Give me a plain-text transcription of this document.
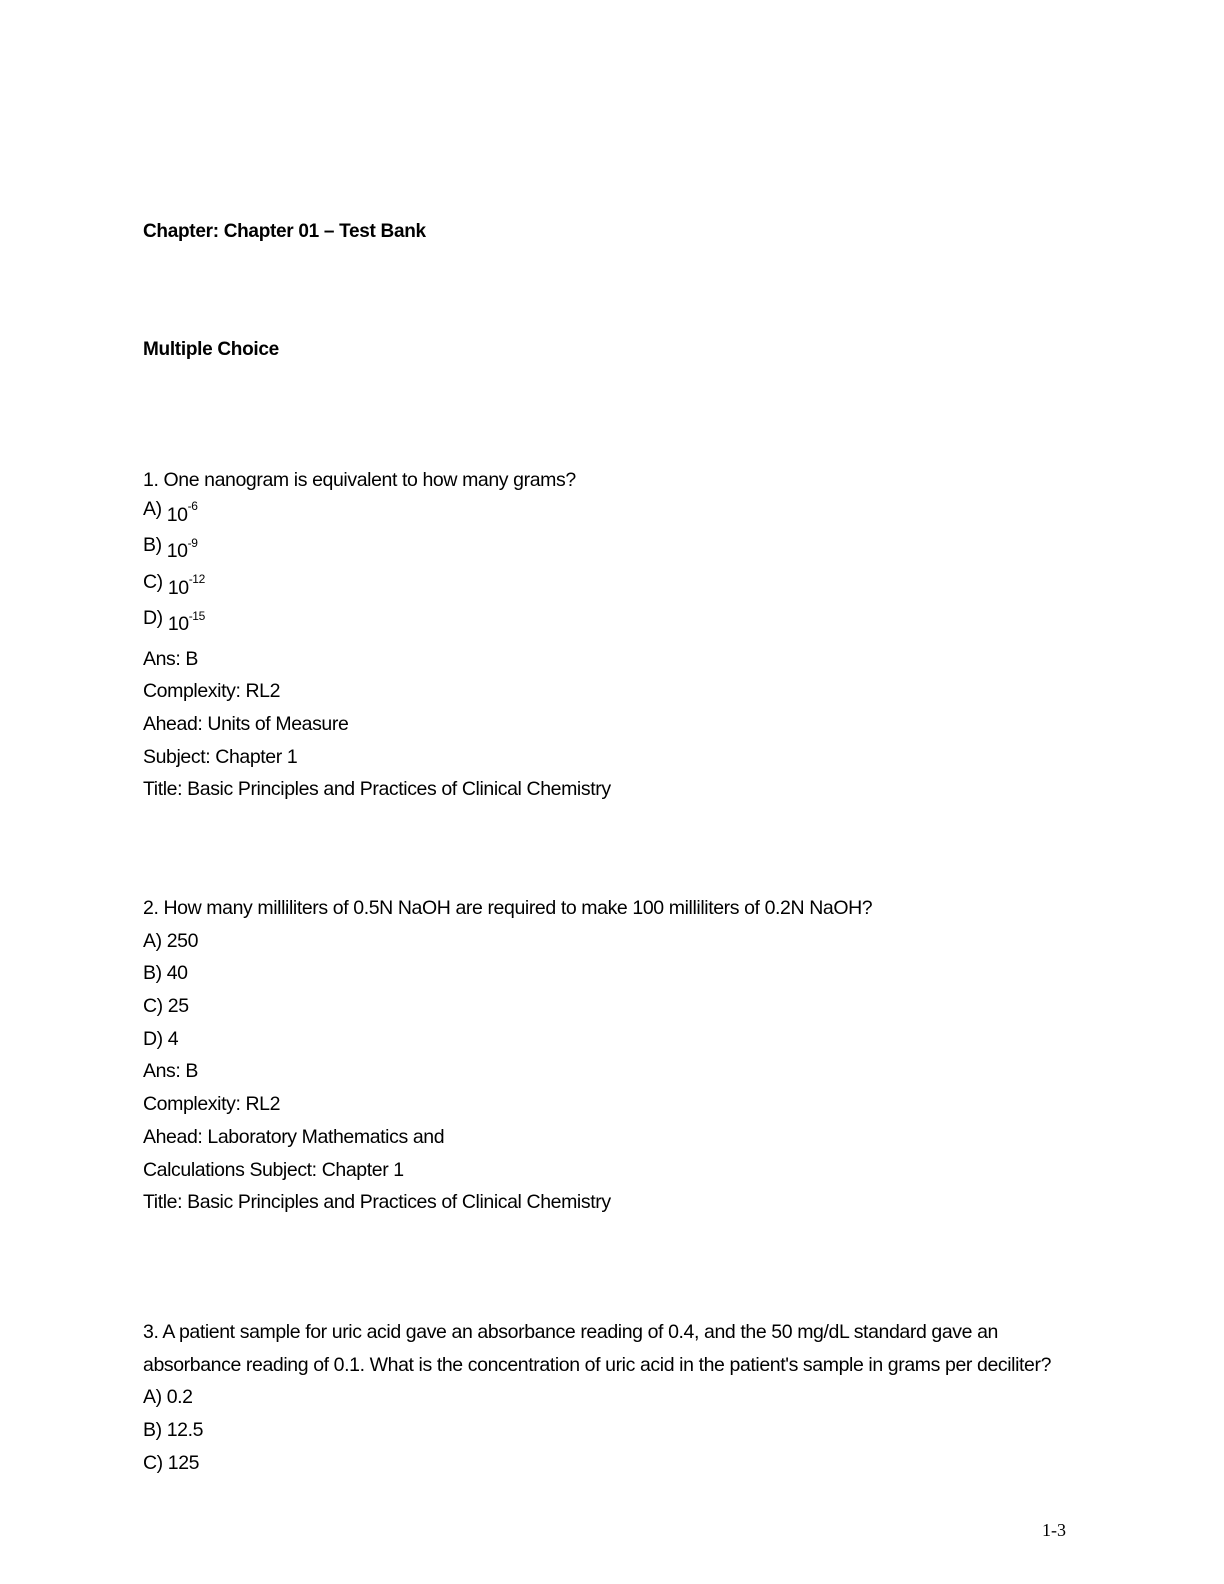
Chapter: Chapter 01 – Test Bank
Multiple Choice
1. One nanogram is equivalent to how many grams?
A) $10^{-6}$
B) $10^{-9}$
C) $10^{-12}$
D) $10^{-15}$
Ans: B
Complexity: RL2
Ahead: Units of Measure
Subject: Chapter 1
Title: Basic Principles and Practices of Clinical Chemistry
2. How many milliliters of 0.5N NaOH are required to make 100 milliliters of 0.2N NaOH?
A) 250
B) 40
C) 25
D) 4
Ans: B
Complexity: RL2
Ahead: Laboratory Mathematics and
Calculations Subject: Chapter 1
Title: Basic Principles and Practices of Clinical Chemistry
3. A patient sample for uric acid gave an absorbance reading of 0.4, and the 50 mg/dL standard gave an absorbance reading of 0.1. What is the concentration of uric acid in the patient's sample in grams per deciliter?
A) 0.2
B) 12.5
C) 125
1-3
